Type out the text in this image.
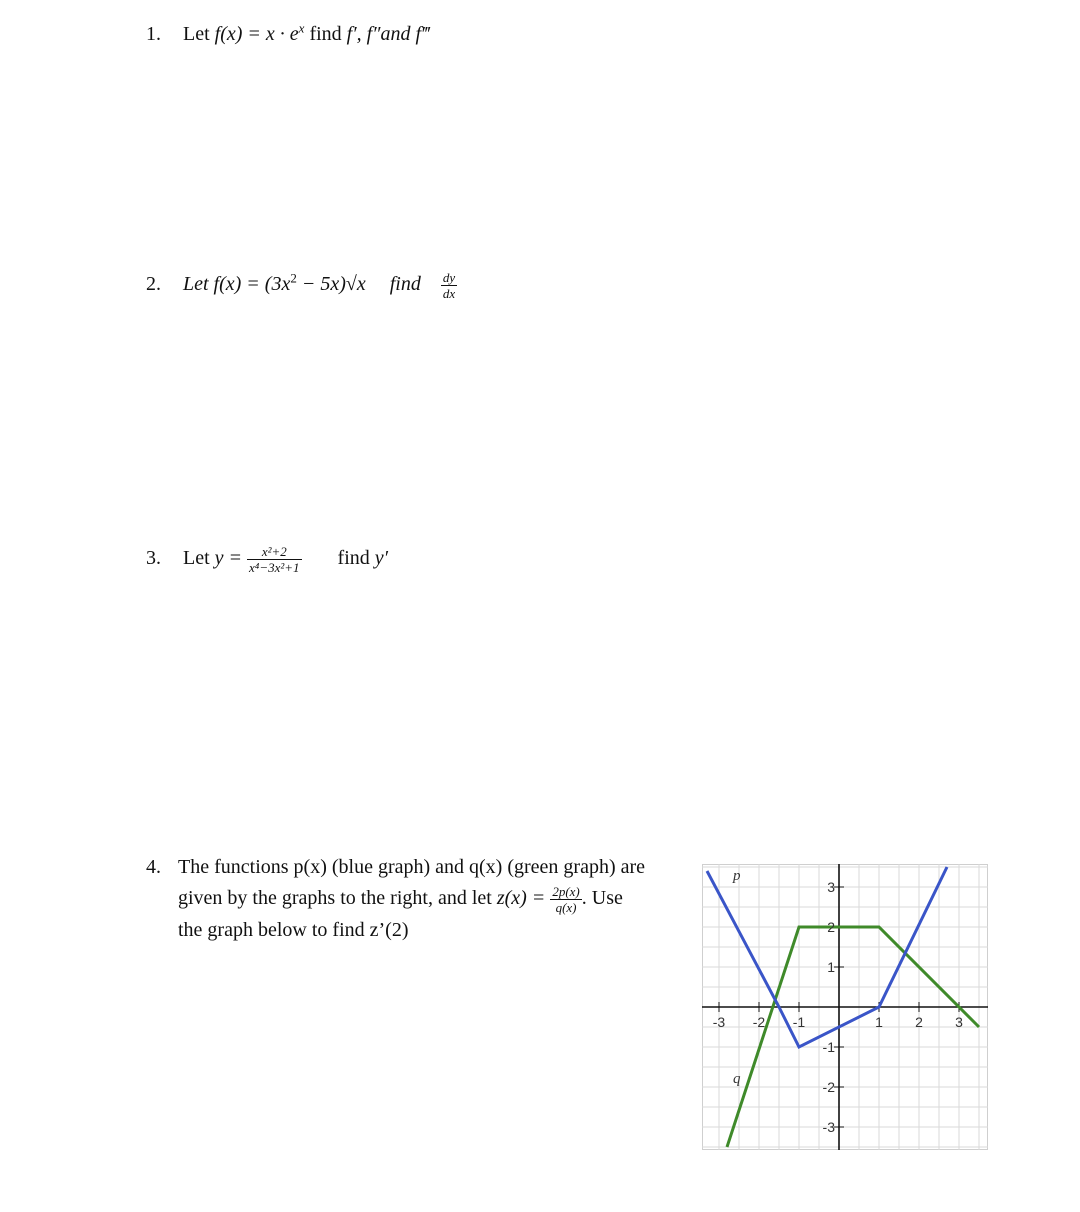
1. Let $f(x) = x \cdot e^x$ find f′, f″and f‴
2. Let $f(x) = (3x^2 - 5x)√x$ find $\frac{dy}{dx}$
3. Let $y = \frac{\text{x²+2}}{\text{x⁴−3x²+1}}$ find y′
4. The functions p(x) (blue graph) and q(x) (green graph) are
given by the graphs to the right, and let $z(x) = \frac{2p(x)}{q(x)}$ . Use
the graph below to find z’(2)
-3 -2 -1	1 2 3
3
2
1
-1
-2
-3
p
q
